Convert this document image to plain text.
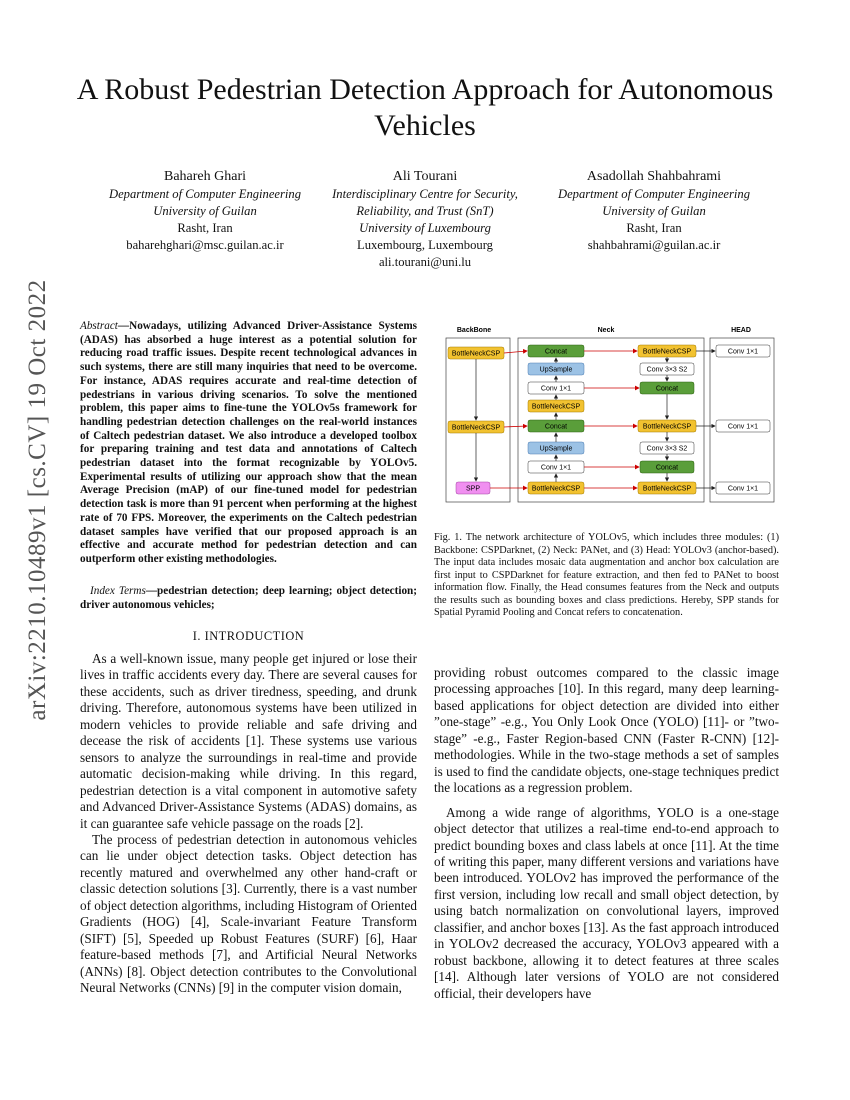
arXiv:2210.10489v1 [cs.CV] 19 Oct 2022
A Robust Pedestrian Detection Approach for Autonomous Vehicles
Bahareh Ghari
Department of Computer Engineering
University of Guilan
Rasht, Iran
baharehghari@msc.guilan.ac.ir
Ali Tourani
Interdisciplinary Centre for Security,
Reliability, and Trust (SnT)
University of Luxembourg
Luxembourg, Luxembourg
ali.tourani@uni.lu
Asadollah Shahbahrami
Department of Computer Engineering
University of Guilan
Rasht, Iran
shahbahrami@guilan.ac.ir
Abstract—Nowadays, utilizing Advanced Driver-Assistance Systems (ADAS) has absorbed a huge interest as a potential solution for reducing road traffic issues. Despite recent technological advances in such systems, there are still many inquiries that need to be overcome. For instance, ADAS requires accurate and real-time detection of pedestrians in various driving scenarios. To solve the mentioned problem, this paper aims to fine-tune the YOLOv5s framework for handling pedestrian detection challenges on the real-world instances of Caltech pedestrian dataset. We also introduce a developed toolbox for preparing training and test data and annotations of Caltech pedestrian dataset into the format recognizable by YOLOv5. Experimental results of utilizing our approach show that the mean Average Precision (mAP) of our fine-tuned model for pedestrian detection task is more than 91 percent when performing at the highest rate of 70 FPS. Moreover, the experiments on the Caltech pedestrian dataset samples have verified that our proposed approach is an effective and accurate method for pedestrian detection and can outperform other existing methodologies.
Index Terms—pedestrian detection; deep learning; object detection; driver autonomous vehicles;
I. INTRODUCTION

As a well-known issue, many people get injured or lose their lives in traffic accidents every day. There are several causes for these accidents, such as driver tiredness, speeding, and drunk driving. Therefore, autonomous systems have been utilized in modern vehicles to provide reliable and safe driving and decease the risk of accidents [1]. These systems use various sensors to analyze the surroundings in real-time and provide automatic decision-making while driving. In this regard, pedestrian detection is a vital component in automotive safety and Advanced Driver-Assistance Systems (ADAS) domains, as it can guarantee safe vehicle passage on the roads [2].

The process of pedestrian detection in autonomous vehicles can lie under object detection tasks. Object detection has recently matured and overwhelmed any other hand-craft or classic detection solutions [3]. Currently, there is a vast number of object detection algorithms, including Histogram of Oriented Gradients (HOG) [4], Scale-invariant Feature Transform (SIFT) [5], Speeded up Robust Features (SURF) [6], Haar feature-based methods [7], and Artificial Neural Networks (ANNs) [8]. Object detection contributes to the Convolutional Neural Networks (CNNs) [9] in the computer vision domain,

providing robust outcomes compared to the classic image processing approaches [10]. In this regard, many deep learning-based applications for object detection are divided into either ”one-stage” -e.g., You Only Look Once (YOLO) [11]- or ”two-stage” -e.g., Faster Region-based CNN (Faster R-CNN) [12]- methodologies. While in the two-stage methods a set of samples is used to find the candidate objects, one-stage techniques predict the locations as a regression problem.

Among a wide range of algorithms, YOLO is a one-stage object detector that utilizes a real-time end-to-end approach to predict bounding boxes and class labels at once [11]. At the time of writing this paper, many different versions and variations have been introduced. YOLOv2 has improved the performance of the first version, including low recall and small object detection, by using batch normalization on convolutional layers, improved classifier, and anchor boxes [13]. As the fast approach introduced in YOLOv2 decreased the accuracy, YOLOv3 appeared with a robust backbone, allowing it to detect features at three scales [14]. Although later versions of YOLO are not considered official, their developers have

BackBone	Neck	HEAD
BottleNeckCSP
BottleNeckCSP
SPP
Concat
UpSample
Conv 1×1
BottleNeckCSP
Concat
UpSample
Conv 1×1
BottleNeckCSP
BottleNeckCSP
Conv 3×3 S2
Concat
BottleNeckCSP
Conv 3×3 S2
Concat
BottleNeckCSP
Conv 1×1
Conv 1×1
Conv 1×1
Fig. 1. The network architecture of YOLOv5, which includes three modules: (1) Backbone: CSPDarknet, (2) Neck: PANet, and (3) Head: YOLOv3 (anchor-based). The input data includes mosaic data augmentation and anchor box calculation are first input to CSPDarknet for feature extraction, and then fed to PANet to boost information flow. Finally, the Head consumes features from the Neck and outputs the results such as bounding boxes and class predictions. Hereby, SPP stands for Spatial Pyramid Pooling and Concat refers to concatenation.
